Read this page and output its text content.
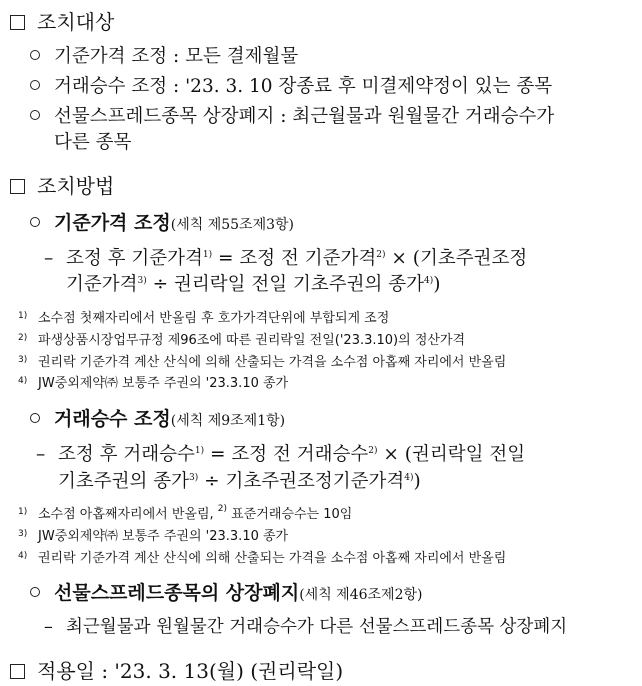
조치대상
기준가격 조정 : 모든 결제월물
거래승수 조정 : '23. 3. 10 장종료 후 미결제약정이 있는 종목
선물스프레드종목 상장폐지 : 최근월물과 원월물간 거래승수가
다른 종목
조치방법
기준가격 조정(세칙 제55조제3항)
– 조정 후 기준가격$^{1)}$ = 조정 전 기준가격$^{2)}$ × (기초주권조정
기준가격$^{3)}$ ÷ 권리락일 전일 기초주권의 종가$^{4)}$)
1) 소수점 첫째자리에서 반올림 후 호가가격단위에 부합되게 조정
2) 파생상품시장업무규정 제96조에 따른 권리락일 전일('23.3.10)의 정산가격
3) 권리락 기준가격 계산 산식에 의해 산출되는 가격을 소수점 아홉째 자리에서 반올림
4) JW중외제약㈜ 보통주 주권의 '23.3.10 종가
거래승수 조정(세칙 제9조제1항)
– 조정 후 거래승수$^{1)}$ = 조정 전 거래승수$^{2)}$ × (권리락일 전일
기초주권의 종가$^{3)}$ ÷ 기초주권조정기준가격$^{4)}$)
1) 소수점 아홉째자리에서 반올림, $^{2)}$ 표준거래승수는 10임
3) JW중외제약㈜ 보통주 주권의 '23.3.10 종가
4) 권리락 기준가격 계산 산식에 의해 산출되는 가격을 소수점 아홉째 자리에서 반올림
선물스프레드종목의 상장폐지(세칙 제46조제2항)
– 최근월물과 원월물간 거래승수가 다른 선물스프레드종목 상장폐지
적용일 : '23. 3. 13(월) (권리락일)
